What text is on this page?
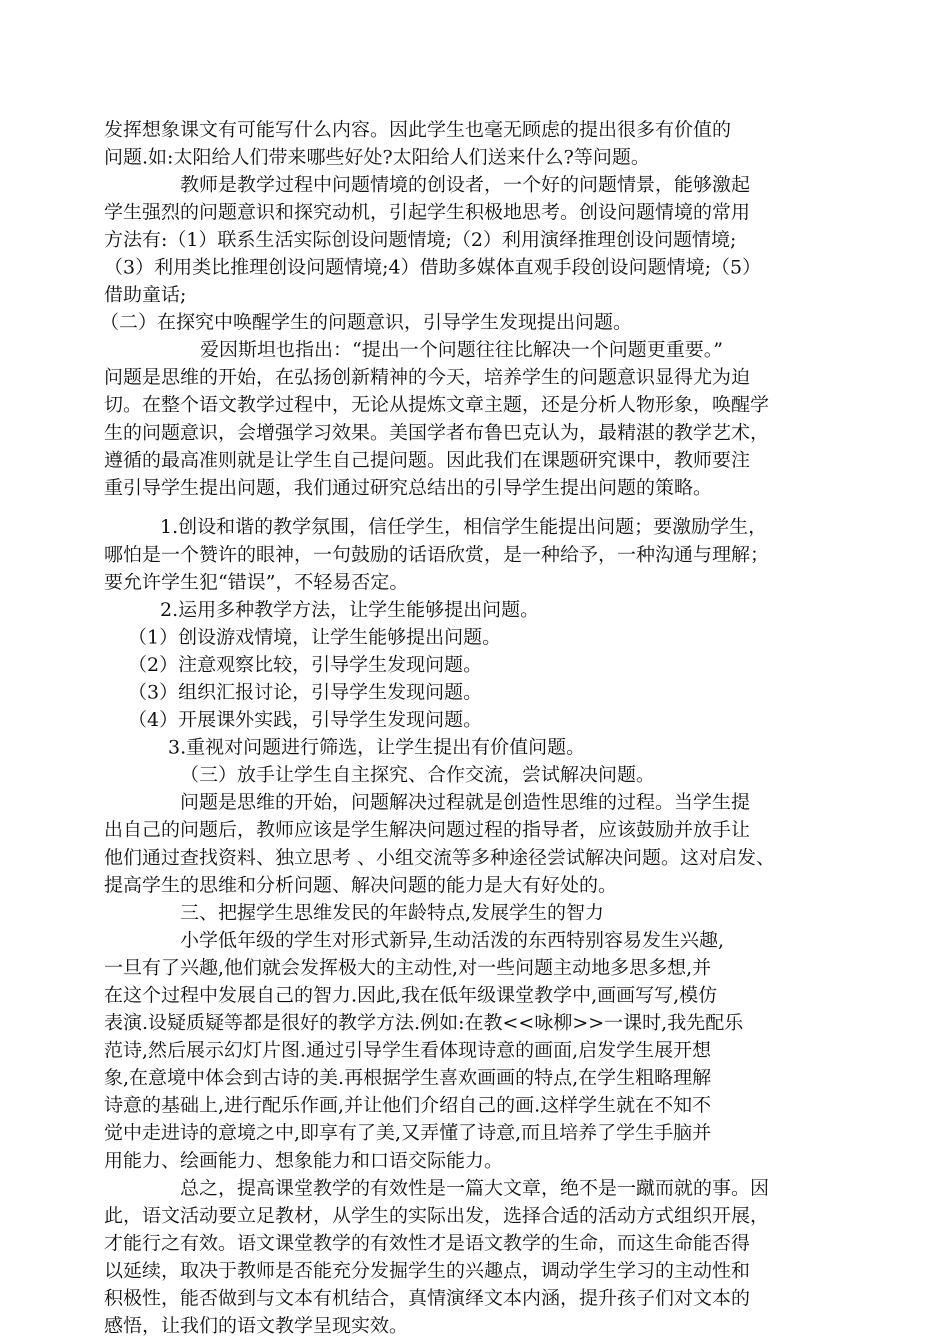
发挥想象课文有可能写什么内容。因此学生也毫无顾虑的提出很多有价值的

问题.如:太阳给人们带来哪些好处?太阳给人们送来什么?等问题。

教师是教学过程中问题情境的创设者，一个好的问题情景，能够激起

学生强烈的问题意识和探究动机，引起学生积极地思考。创设问题情境的常用

方法有:（1）联系生活实际创设问题情境;（2）利用演绎推理创设问题情境;

（3）利用类比推理创设问题情境;4）借助多媒体直观手段创设问题情境;（5）

借助童话;

（二）在探究中唤醒学生的问题意识，引导学生发现提出问题。

爱因斯坦也指出：“提出一个问题往往比解决一个问题更重要。”

问题是思维的开始，在弘扬创新精神的今天，培养学生的问题意识显得尤为迫

切。在整个语文教学过程中，无论从提炼文章主题，还是分析人物形象，唤醒学

生的问题意识，会增强学习效果。美国学者布鲁巴克认为，最精湛的教学艺术，

遵循的最高准则就是让学生自己提问题。因此我们在课题研究课中，教师要注

重引导学生提出问题，我们通过研究总结出的引导学生提出问题的策略。

1.创设和谐的教学氛围，信任学生，相信学生能提出问题；要激励学生，

哪怕是一个赞许的眼神，一句鼓励的话语欣赏，是一种给予，一种沟通与理解；

要允许学生犯“错误”，不轻易否定。

2.运用多种教学方法，让学生能够提出问题。

（1）创设游戏情境，让学生能够提出问题。

（2）注意观察比较，引导学生发现问题。

（3）组织汇报讨论，引导学生发现问题。

（4）开展课外实践，引导学生发现问题。

3.重视对问题进行筛选，让学生提出有价值问题。

（三）放手让学生自主探究、合作交流，尝试解决问题。

问题是思维的开始，问题解决过程就是创造性思维的过程。当学生提

出自己的问题后，教师应该是学生解决问题过程的指导者，应该鼓励并放手让

他们通过查找资料、独立思考 、小组交流等多种途径尝试解决问题。这对启发、

提高学生的思维和分析问题、解决问题的能力是大有好处的。

三、把握学生思维发民的年龄特点,发展学生的智力

小学低年级的学生对形式新异,生动活泼的东西特别容易发生兴趣,

一旦有了兴趣,他们就会发挥极大的主动性,对一些问题主动地多思多想,并

在这个过程中发展自己的智力.因此,我在低年级课堂教学中,画画写写,模仿

表演.设疑质疑等都是很好的教学方法.例如:在教<<咏柳>>一课时,我先配乐

范诗,然后展示幻灯片图.通过引导学生看体现诗意的画面,启发学生展开想

象,在意境中体会到古诗的美.再根据学生喜欢画画的特点,在学生粗略理解

诗意的基础上,进行配乐作画,并让他们介绍自己的画.这样学生就在不知不

觉中走进诗的意境之中,即享有了美,又弄懂了诗意,而且培养了学生手脑并

用能力、绘画能力、想象能力和口语交际能力。

总之，提高课堂教学的有效性是一篇大文章，绝不是一蹴而就的事。因

此，语文活动要立足教材，从学生的实际出发，选择合适的活动方式组织开展，

才能行之有效。语文课堂教学的有效性才是语文教学的生命，而这生命能否得

以延续，取决于教师是否能充分发掘学生的兴趣点，调动学生学习的主动性和

积极性，能否做到与文本有机结合，真情演绎文本内涵，提升孩子们对文本的

感悟，让我们的语文教学呈现实效。
